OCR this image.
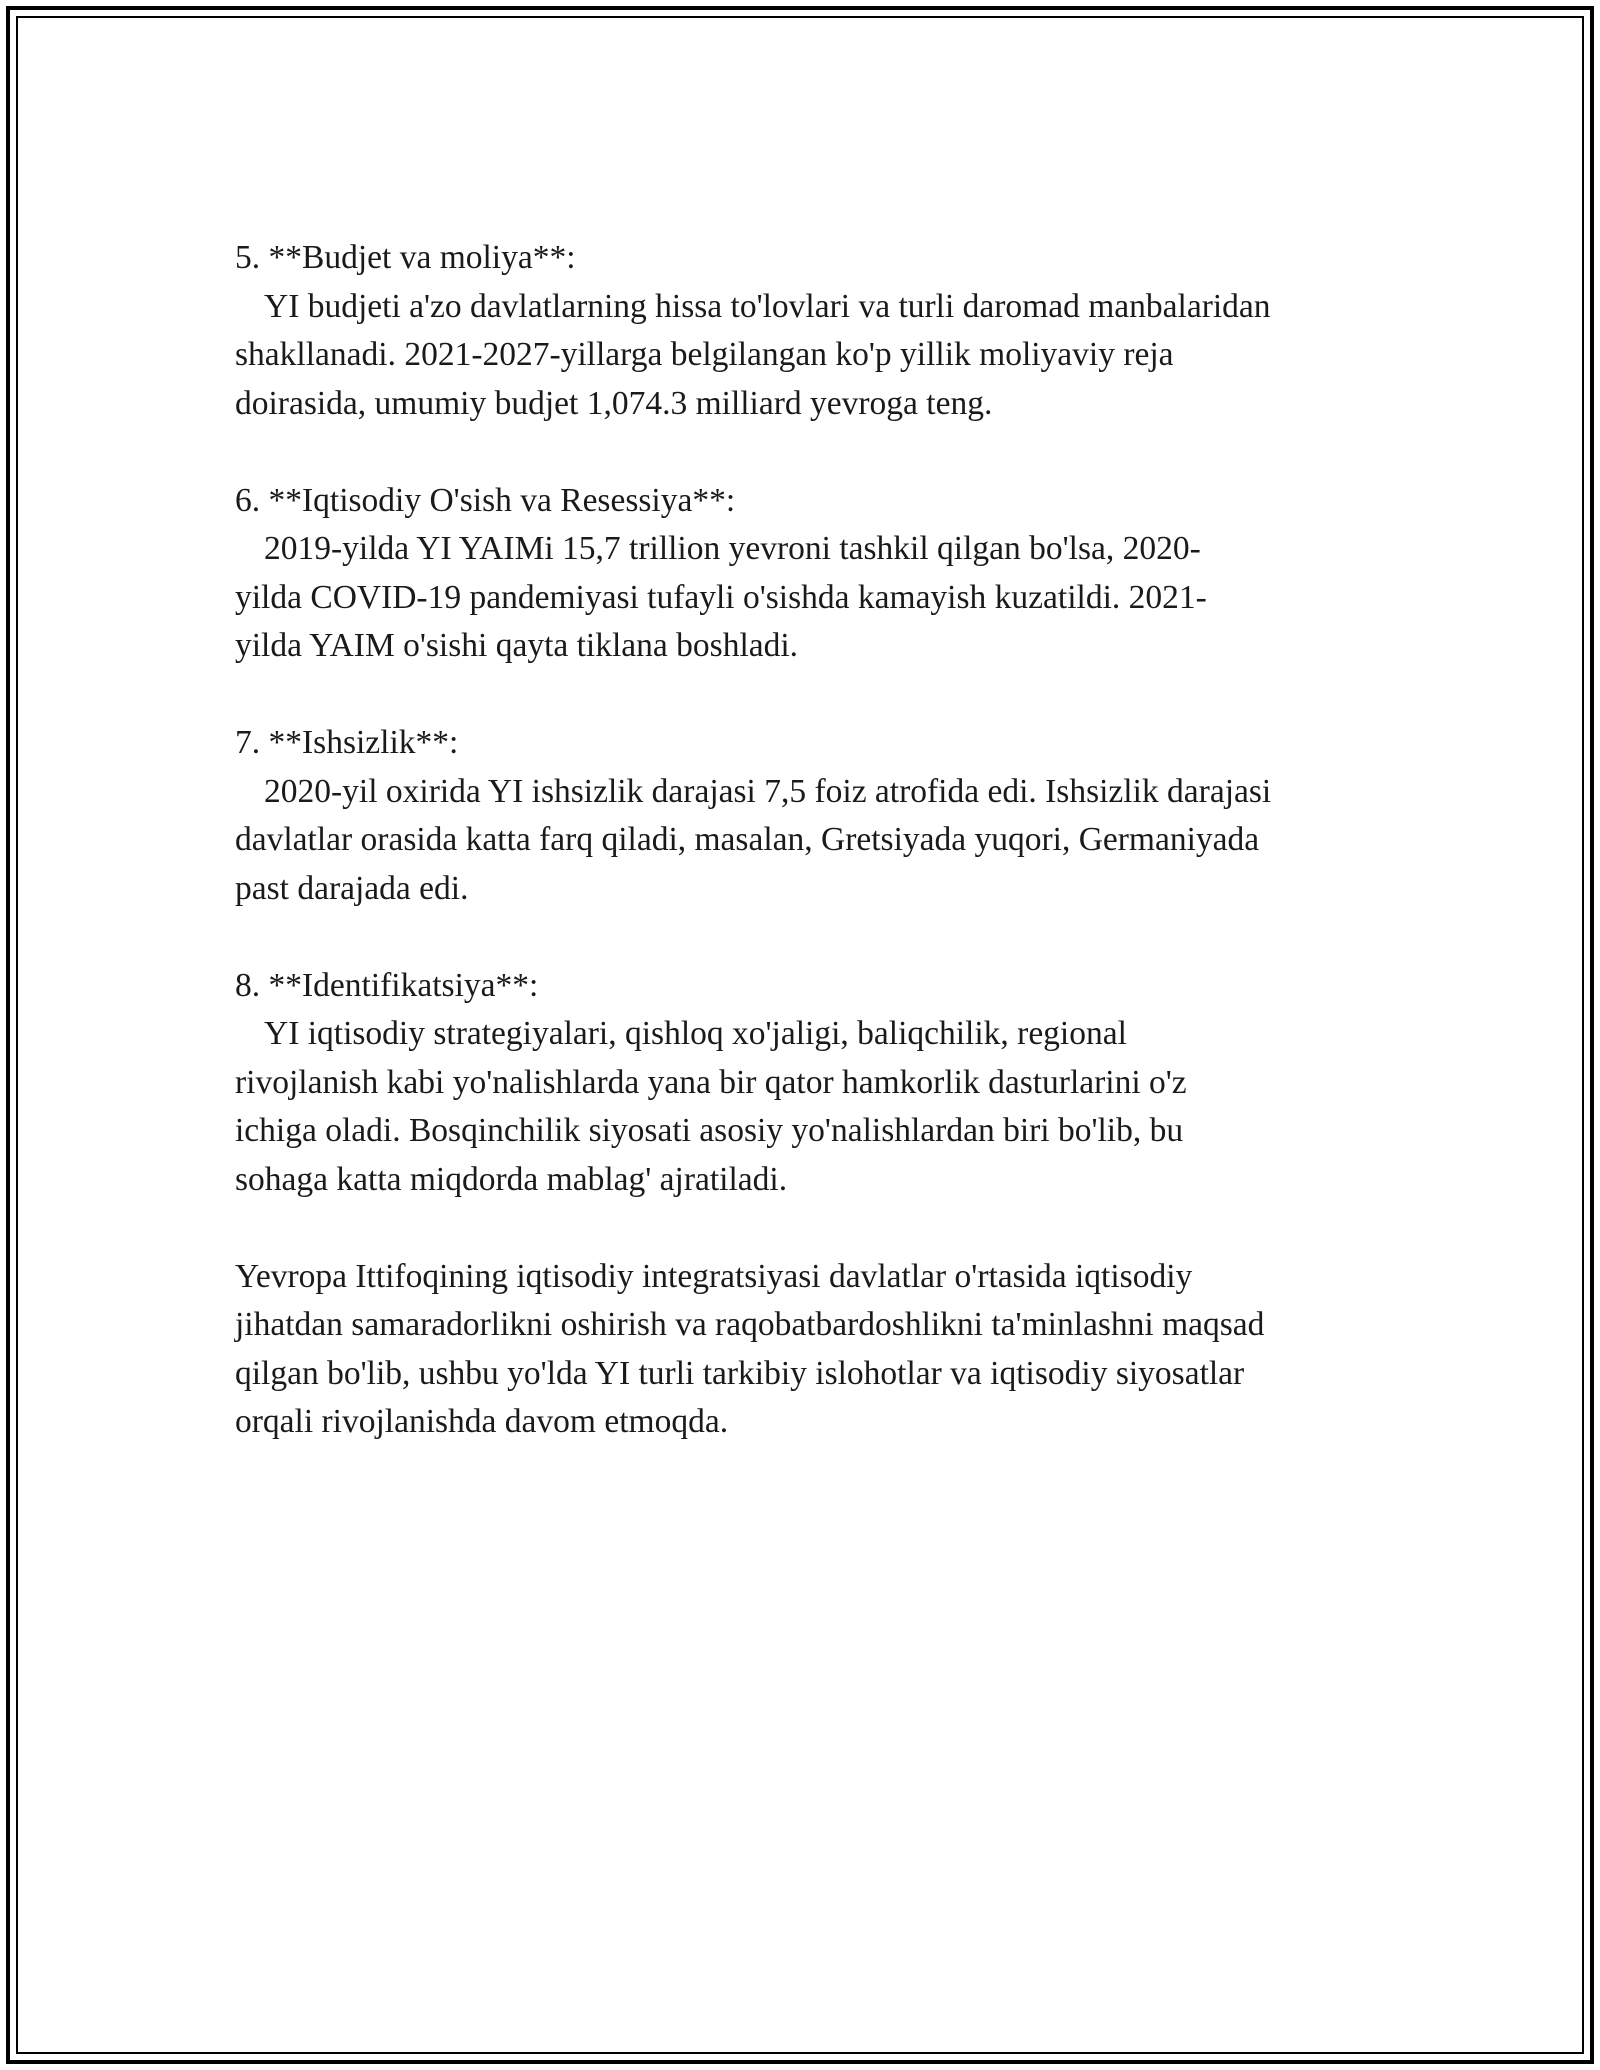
5. **Budjet va moliya**:
YI budjeti a'zo davlatlarning hissa to'lovlari va turli daromad manbalaridan
shakllanadi. 2021-2027-yillarga belgilangan ko'p yillik moliyaviy reja
doirasida, umumiy budjet 1,074.3 milliard yevroga teng.
6. **Iqtisodiy O'sish va Resessiya**:
2019-yilda YI YAIMi 15,7 trillion yevroni tashkil qilgan bo'lsa, 2020-
yilda COVID-19 pandemiyasi tufayli o'sishda kamayish kuzatildi. 2021-
yilda YAIM o'sishi qayta tiklana boshladi.
7. **Ishsizlik**:
2020-yil oxirida YI ishsizlik darajasi 7,5 foiz atrofida edi. Ishsizlik darajasi
davlatlar orasida katta farq qiladi, masalan, Gretsiyada yuqori, Germaniyada
past darajada edi.
8. **Identifikatsiya**:
YI iqtisodiy strategiyalari, qishloq xo'jaligi, baliqchilik, regional
rivojlanish kabi yo'nalishlarda yana bir qator hamkorlik dasturlarini o'z
ichiga oladi. Bosqinchilik siyosati asosiy yo'nalishlardan biri bo'lib, bu
sohaga katta miqdorda mablag' ajratiladi.
Yevropa Ittifoqining iqtisodiy integratsiyasi davlatlar o'rtasida iqtisodiy
jihatdan samaradorlikni oshirish va raqobatbardoshlikni ta'minlashni maqsad
qilgan bo'lib, ushbu yo'lda YI turli tarkibiy islohotlar va iqtisodiy siyosatlar
orqali rivojlanishda davom etmoqda.
